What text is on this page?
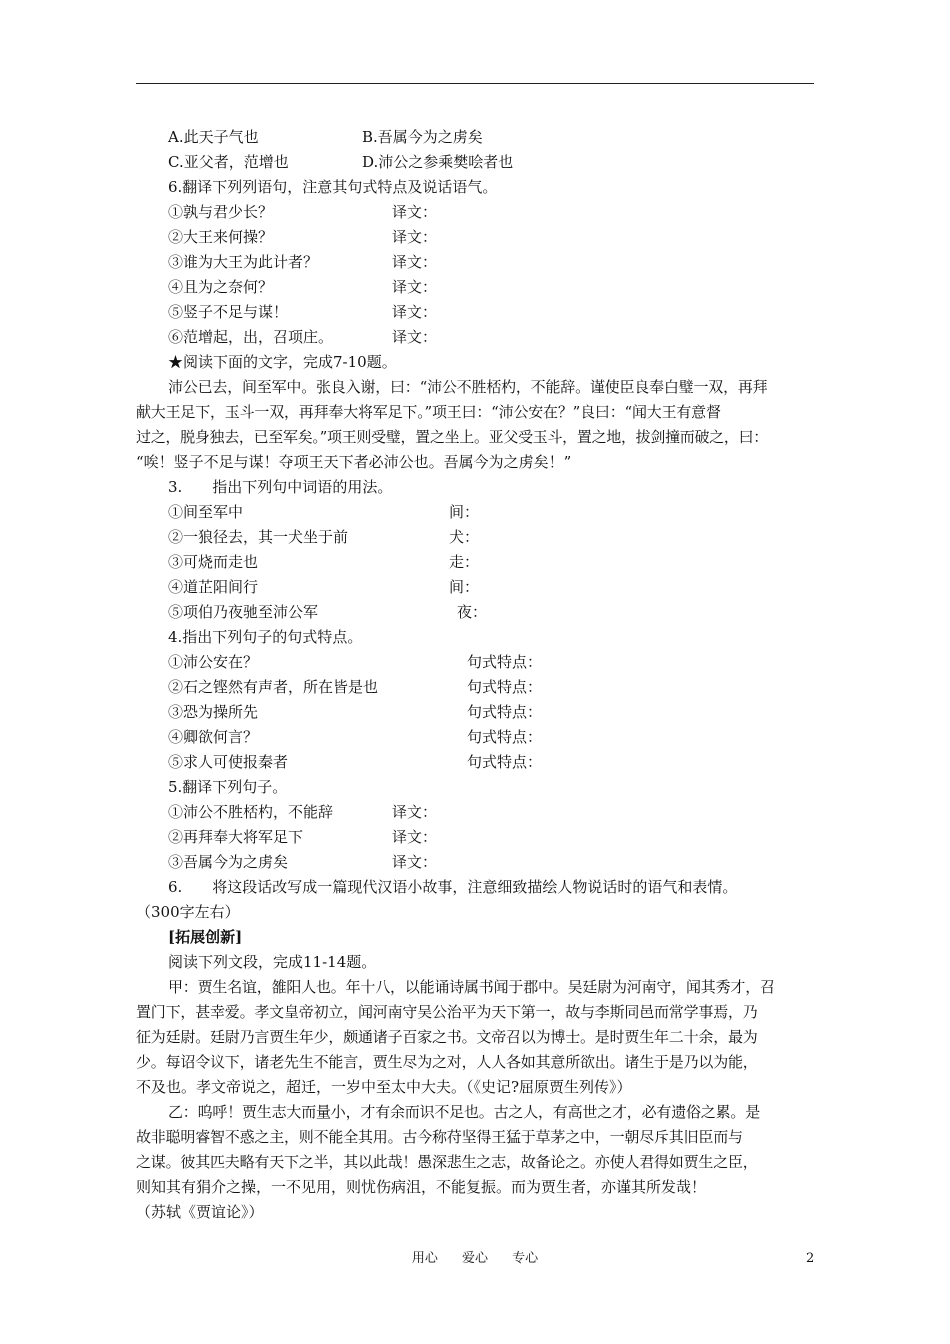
A.此天子气也	B.吾属今为之虏矣
C.亚父者，范增也	D.沛公之参乘樊哙者也
6.翻译下列列语句，注意其句式特点及说话语气。
①孰与君少长？	译文：
②大王来何操？	译文：
③谁为大王为此计者？	译文：
④且为之奈何？	译文：
⑤竖子不足与谋！	译文：
⑥范增起，出，召项庄。	译文：
★阅读下面的文字，完成7-10题。
沛公已去，间至军中。张良入谢，曰：“沛公不胜桮杓，不能辞。谨使臣良奉白璧一双，再拜
献大王足下，玉斗一双，再拜奉大将军足下。”项王曰：“沛公安在？”良曰：“闻大王有意督
过之，脱身独去，已至军矣。”项王则受璧，置之坐上。亚父受玉斗，置之地，拔剑撞而破之，曰：
“唉！竖子不足与谋！夺项王天下者必沛公也。吾属今为之虏矣！”
3.　　指出下列句中词语的用法。
①间至军中	间：
②一狼径去，其一犬坐于前	犬：
③可烧而走也	走：
④道芷阳间行	间：
⑤项伯乃夜驰至沛公军	夜：
4.指出下列句子的句式特点。
①沛公安在？	句式特点：
②石之铿然有声者，所在皆是也	句式特点：
③恐为操所先	句式特点：
④卿欲何言？	句式特点：
⑤求人可使报秦者	句式特点：
5.翻译下列句子。
①沛公不胜桮杓，不能辞	译文：
②再拜奉大将军足下	译文：
③吾属今为之虏矣	译文：
6.　　将这段话改写成一篇现代汉语小故事，注意细致描绘人物说话时的语气和表情。
（300字左右）
[拓展创新]
阅读下列文段，完成11-14题。
甲：贾生名谊，雒阳人也。年十八，以能诵诗属书闻于郡中。吴廷尉为河南守，闻其秀才，召
置门下，甚幸爱。孝文皇帝初立，闻河南守吴公治平为天下第一，故与李斯同邑而常学事焉，乃
征为廷尉。廷尉乃言贾生年少，颇通诸子百家之书。文帝召以为博士。是时贾生年二十余，最为
少。每诏令议下，诸老先生不能言，贾生尽为之对，人人各如其意所欲出。诸生于是乃以为能，
不及也。孝文帝说之，超迁，一岁中至太中大夫。（《史记?屈原贾生列传》）
乙：呜呼！贾生志大而量小，才有余而识不足也。古之人，有高世之才，必有遗俗之累。是
故非聪明睿智不惑之主，则不能全其用。古今称苻坚得王猛于草茅之中，一朝尽斥其旧臣而与
之谋。彼其匹夫略有天下之半，其以此哉！愚深悲生之志，故备论之。亦使人君得如贾生之臣，
则知其有狷介之操，一不见用，则忧伤病沮，不能复振。而为贾生者，亦谨其所发哉！
（苏轼《贾谊论》）
用心 爱心 专心	2
